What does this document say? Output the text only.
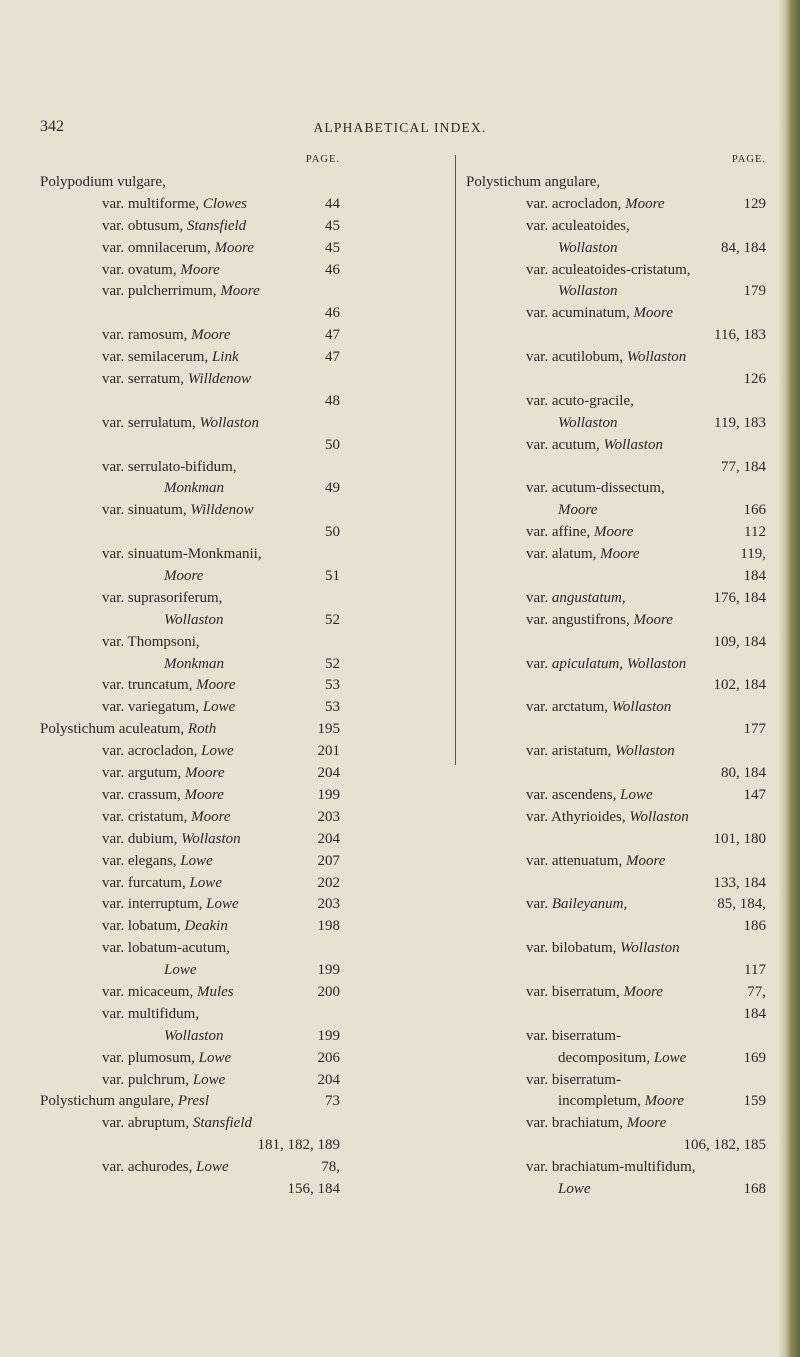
342	ALPHABETICAL INDEX.
PAGE.
Polypodium vulgare,
var. multiforme, Clowes	44
var. obtusum, Stansfield	45
var. omnilacerum, Moore	45
var. ovatum, Moore	46
var. pulcherrimum, Moore
46
var. ramosum, Moore	47
var. semilacerum, Link	47
var. serratum, Willdenow
48
var. serrulatum, Wollaston
50
var. serrulato-bifidum,
Monkman	49
var. sinuatum, Willdenow
50
var. sinuatum-Monkmanii,
Moore	51
var. suprasoriferum,
Wollaston	52
var. Thompsoni,
Monkman	52
var. truncatum, Moore	53
var. variegatum, Lowe	53
Polystichum aculeatum, Roth	195
var. acrocladon, Lowe	201
var. argutum, Moore	204
var. crassum, Moore	199
var. cristatum, Moore	203
var. dubium, Wollaston	204
var. elegans, Lowe	207
var. furcatum, Lowe	202
var. interruptum, Lowe	203
var. lobatum, Deakin	198
var. lobatum-acutum,
Lowe	199
var. micaceum, Mules	200
var. multifidum,
Wollaston	199
var. plumosum, Lowe	206
var. pulchrum, Lowe	204
Polystichum angulare, Presl	73
var. abruptum, Stansfield
181, 182, 189
var. achurodes, Lowe	78,
156, 184
PAGE.
Polystichum angulare,
var. acrocladon, Moore	129
var. aculeatoides,
Wollaston	84, 184
var. aculeatoides-cristatum,
Wollaston	179
var. acuminatum, Moore
116, 183
var. acutilobum, Wollaston
126
var. acuto-gracile,
Wollaston	119, 183
var. acutum, Wollaston
77, 184
var. acutum-dissectum,
Moore	166
var. affine, Moore	112
var. alatum, Moore	119,
184
var. angustatum,	176, 184
var. angustifrons, Moore
109, 184
var. apiculatum, Wollaston
102, 184
var. arctatum, Wollaston
177
var. aristatum, Wollaston
80, 184
var. ascendens, Lowe	147
var. Athyrioides, Wollaston
101, 180
var. attenuatum, Moore
133, 184
var. Baileyanum,	85, 184,
186
var. bilobatum, Wollaston
117
var. biserratum, Moore	77,
184
var. biserratum-
decompositum, Lowe	169
var. biserratum-
incompletum, Moore	159
var. brachiatum, Moore
106, 182, 185
var. brachiatum-multifidum,
Lowe	168
